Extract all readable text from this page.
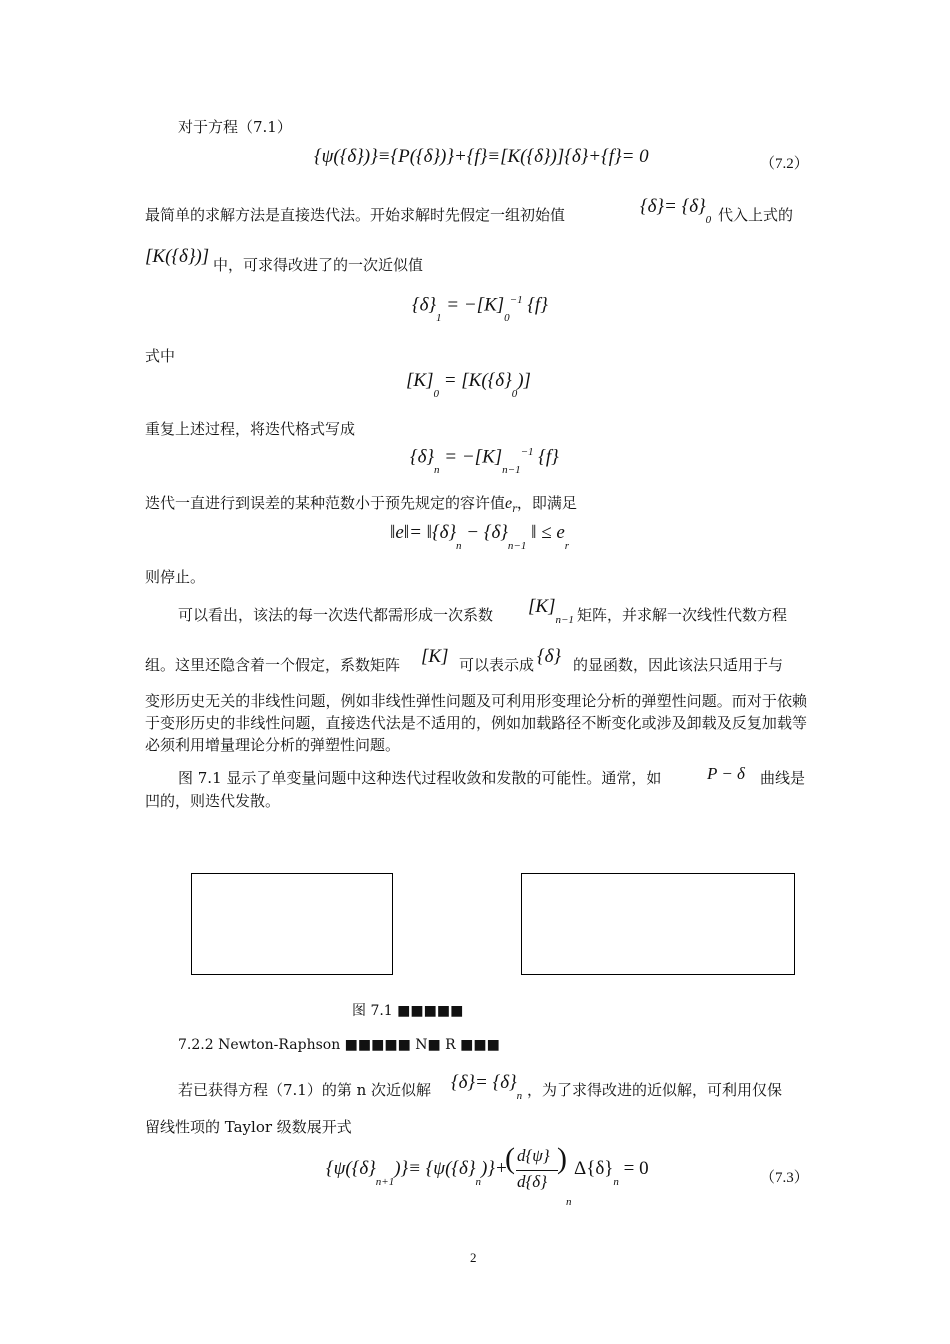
对于方程（7.1）
{ψ({δ})}≡{P({δ})}+{f}≡[K({δ})]{δ}+{f}= 0	（7.2）
最简单的求解方法是直接迭代法。开始求解时先假定一组初始值	$\{\delta\}= \{\delta\}_0$ 代入上式的
[K({δ})] 中，可求得改进了的一次近似值
$\{\delta\}_1 = -[K]_0^{-1}$ {f}
式中
$[K]_0 = [K(\{\delta\}_0)]$
重复上述过程，将迭代格式写成
$\{\delta\}_n = -[K]_{n-1}^{-1}$ {f}
迭代一直进行到误差的某种范数小于预先规定的容许值$e_r$，即满足
‖e‖= $‖\{\delta\}_n - \{\delta\}_{n-1}$ ‖ ≤ $e_r$
则停止。
可以看出，该法的每一次迭代都需形成一次系数 $[K]_{n-1}$ 矩阵，并求解一次线性代数方程
组。这里还隐含着一个假定，系数矩阵 [K] 可以表示成 {δ} 的显函数，因此该法只适用于与
变形历史无关的非线性问题，例如非线性弹性问题及可利用形变理论分析的弹塑性问题。而对于依赖于变形历史的非线性问题，直接迭代法是不适用的，例如加载路径不断变化或涉及卸载及反复加载等必须利用增量理论分析的弹塑性问题。
图 7.1 显示了单变量问题中这种迭代过程收敛和发散的可能性。通常，如	P − δ 曲线是
凹的，则迭代发散。
图 7.1 ■■■■■
7.2.2 Newton-Raphson ■■■■■ N■ R ■■■
若已获得方程（7.1）的第 n 次近似解 $\{\delta\}= \{\delta\}_n$ ，为了求得改进的近似解，可利用仅保
留线性项的 Taylor 级数展开式
$\{\psi(\{\delta\}_{n+1})\}\equiv \{\psi(\{\delta\}_n)\}+$
( d{ψ}
d{δ}
)
n
$\Delta\{\delta\}_n = 0$	（7.3）
2
